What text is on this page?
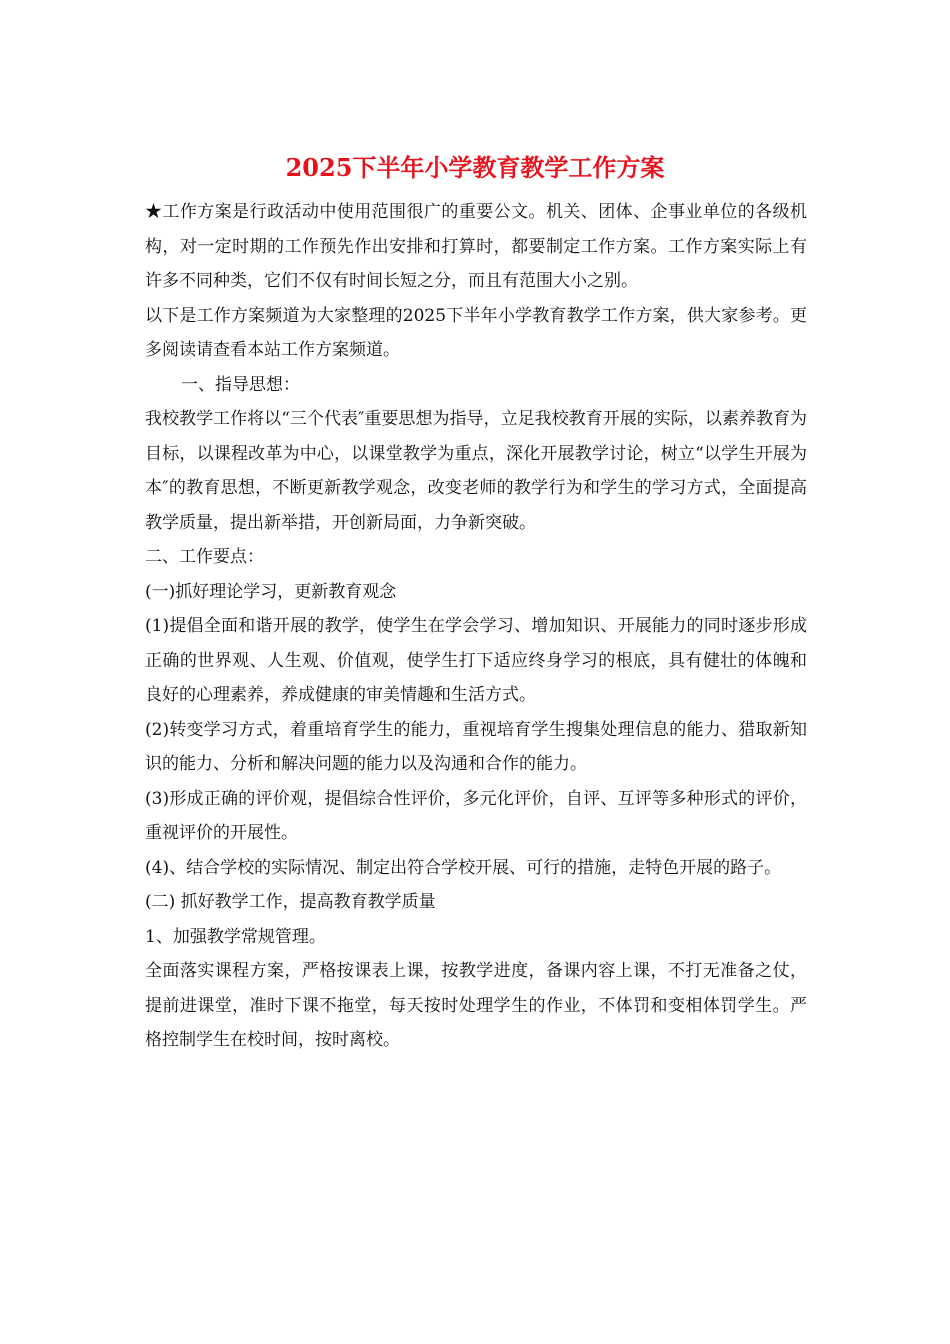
2025下半年小学教育教学工作方案

★工作方案是行政活动中使用范围很广的重要公文。机关、团体、企事业单位的各级机构，对一定时期的工作预先作出安排和打算时，都要制定工作方案。工作方案实际上有许多不同种类，它们不仅有时间长短之分，而且有范围大小之别。

以下是工作方案频道为大家整理的2025下半年小学教育教学工作方案，供大家参考。更多阅读请查看本站工作方案频道。

一、指导思想：

我校教学工作将以“三个代表″重要思想为指导，立足我校教育开展的实际，以素养教育为目标，以课程改革为中心，以课堂教学为重点，深化开展教学讨论，树立“以学生开展为本″的教育思想，不断更新教学观念，改变老师的教学行为和学生的学习方式，全面提高教学质量，提出新举措，开创新局面，力争新突破。

二、工作要点：

(一)抓好理论学习，更新教育观念

(1)提倡全面和谐开展的教学，使学生在学会学习、增加知识、开展能力的同时逐步形成正确的世界观、人生观、价值观，使学生打下适应终身学习的根底，具有健壮的体魄和良好的心理素养，养成健康的审美情趣和生活方式。

(2)转变学习方式，着重培育学生的能力，重视培育学生搜集处理信息的能力、猎取新知识的能力、分析和解决问题的能力以及沟通和合作的能力。

(3)形成正确的评价观，提倡综合性评价，多元化评价，自评、互评等多种形式的评价，重视评价的开展性。

(4)、结合学校的实际情况、制定出符合学校开展、可行的措施，走特色开展的路子。

(二) 抓好教学工作，提高教育教学质量

1、加强教学常规管理。

全面落实课程方案，严格按课表上课，按教学进度，备课内容上课，不打无准备之仗，提前进课堂，准时下课不拖堂，每天按时处理学生的作业，不体罚和变相体罚学生。严格控制学生在校时间，按时离校。
